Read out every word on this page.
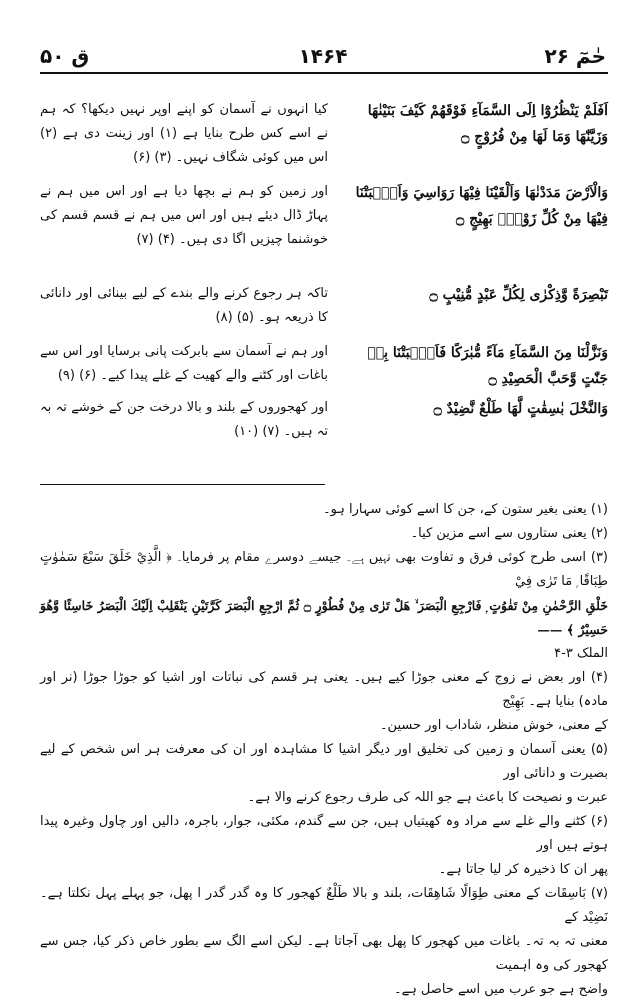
ق ۵۰	۱۴۶۴	حٰمٓ ۲۶
اَفَلَمْ يَنْظُرُوْٓا اِلَى السَّمَآءِ فَوْقَهُمْ كَيْفَ بَنَيْنٰهَا وَزَيَّنّٰهَا وَمَا لَهَا مِنْ فُرُوْجٍ ۝
کیا انہوں نے آسمان کو اپنے اوپر نہیں دیکھا؟ کہ ہم نے اسے کس طرح بنایا ہے (۱) اور زینت دی ہے (۲) اس میں کوئی شگاف نہیں۔ (۳) (۶)
وَالْاَرْضَ مَدَدْنٰهَا وَاَلْقَيْنَا فِيْهَا رَوَاسِيَ وَاَنْۢبَتْنَا فِيْهَا مِنْ كُلِّ زَوْجٍۢ بَهِيْجٍ ۝
اور زمین کو ہم نے بچھا دیا ہے اور اس میں ہم نے پہاڑ ڈال دیئے ہیں اور اس میں ہم نے قسم قسم کی خوشنما چیزیں اگا دی ہیں۔ (۴) (۷)
تَبْصِرَةً وَّذِكْرٰى لِكُلِّ عَبْدٍ مُّنِيْبٍ ۝
تاکہ ہر رجوع کرنے والے بندے کے لیے بینائی اور دانائی کا ذریعہ ہو۔ (۵) (۸)
وَنَزَّلْنَا مِنَ السَّمَآءِ مَآءً مُّبٰرَكًا فَاَنْۢبَتْنَا بِهٖ جَنّٰتٍ وَّحَبَّ الْحَصِيْدِ ۝
اور ہم نے آسمان سے بابرکت پانی برسایا اور اس سے باغات اور کٹنے والے کھیت کے غلے پیدا کیے۔ (۶) (۹)
وَالنَّخْلَ بٰسِقٰتٍ لَّهَا طَلْعٌ نَّضِيْدٌ ۝
اور کھجوروں کے بلند و بالا درخت جن کے خوشے تہ بہ تہ ہیں۔ (۷) (۱۰)

(۱) یعنی بغیر ستون کے، جن کا اسے کوئی سہارا ہو۔

(۲) یعنی ستاروں سے اسے مزین کیا۔

(۳) اسی طرح کوئی فرق و تفاوت بھی نہیں ہے۔ جیسے دوسرے مقام پر فرمایا۔ ﴿ الَّذِيْ خَلَقَ سَبْعَ سَمٰوٰتٍ طِبَاقًا ۭ مَا تَرٰى فِيْ

خَلْقِ الرَّحْمٰنِ مِنْ تَفٰوُتٍ ۭ فَارْجِعِ الْبَصَرَ ۙ هَلْ تَرٰى مِنْ فُطُوْرٍ ۝ ثُمَّ ارْجِعِ الْبَصَرَ كَرَّتَيْنِ يَنْقَلِبْ اِلَيْكَ الْبَصَرُ خَاسِئًا وَّهُوَ حَسِيْرٌ ﴾ ——

الملک ۳-۴

(۴) اور بعض نے زوج کے معنی جوڑا کیے ہیں۔ یعنی ہر قسم کی نباتات اور اشیا کو جوڑا جوڑا (نر اور مادہ) بنایا ہے۔ بَهِيْج

کے معنی، خوش منظر، شاداب اور حسین۔

(۵) یعنی آسمان و زمین کی تخلیق اور دیگر اشیا کا مشاہدہ اور ان کی معرفت ہر اس شخص کے لیے بصیرت و دانائی اور

عبرت و نصیحت کا باعث ہے جو اللہ کی طرف رجوع کرنے والا ہے۔

(۶) کٹنے والے غلے سے مراد وہ کھیتیاں ہیں، جن سے گندم، مکئی، جوار، باجرہ، دالیں اور چاول وغیرہ پیدا ہوتے ہیں اور

پھر ان کا ذخیرہ کر لیا جاتا ہے۔

(۷) بَاسِقَات کے معنی طِوَالًا شَاهِقَات، بلند و بالا طَلْعٌ کھجور کا وہ گدر گدر ا پھل، جو پہلے پہل نکلتا ہے۔ نَضِيْد کے

معنی تہ بہ تہ۔ باغات میں کھجور کا پھل بھی آجاتا ہے۔ لیکن اسے الگ سے بطور خاص ذکر کیا، جس سے کھجور کی وہ اہمیت

واضح ہے جو عرب میں اسے حاصل ہے۔
